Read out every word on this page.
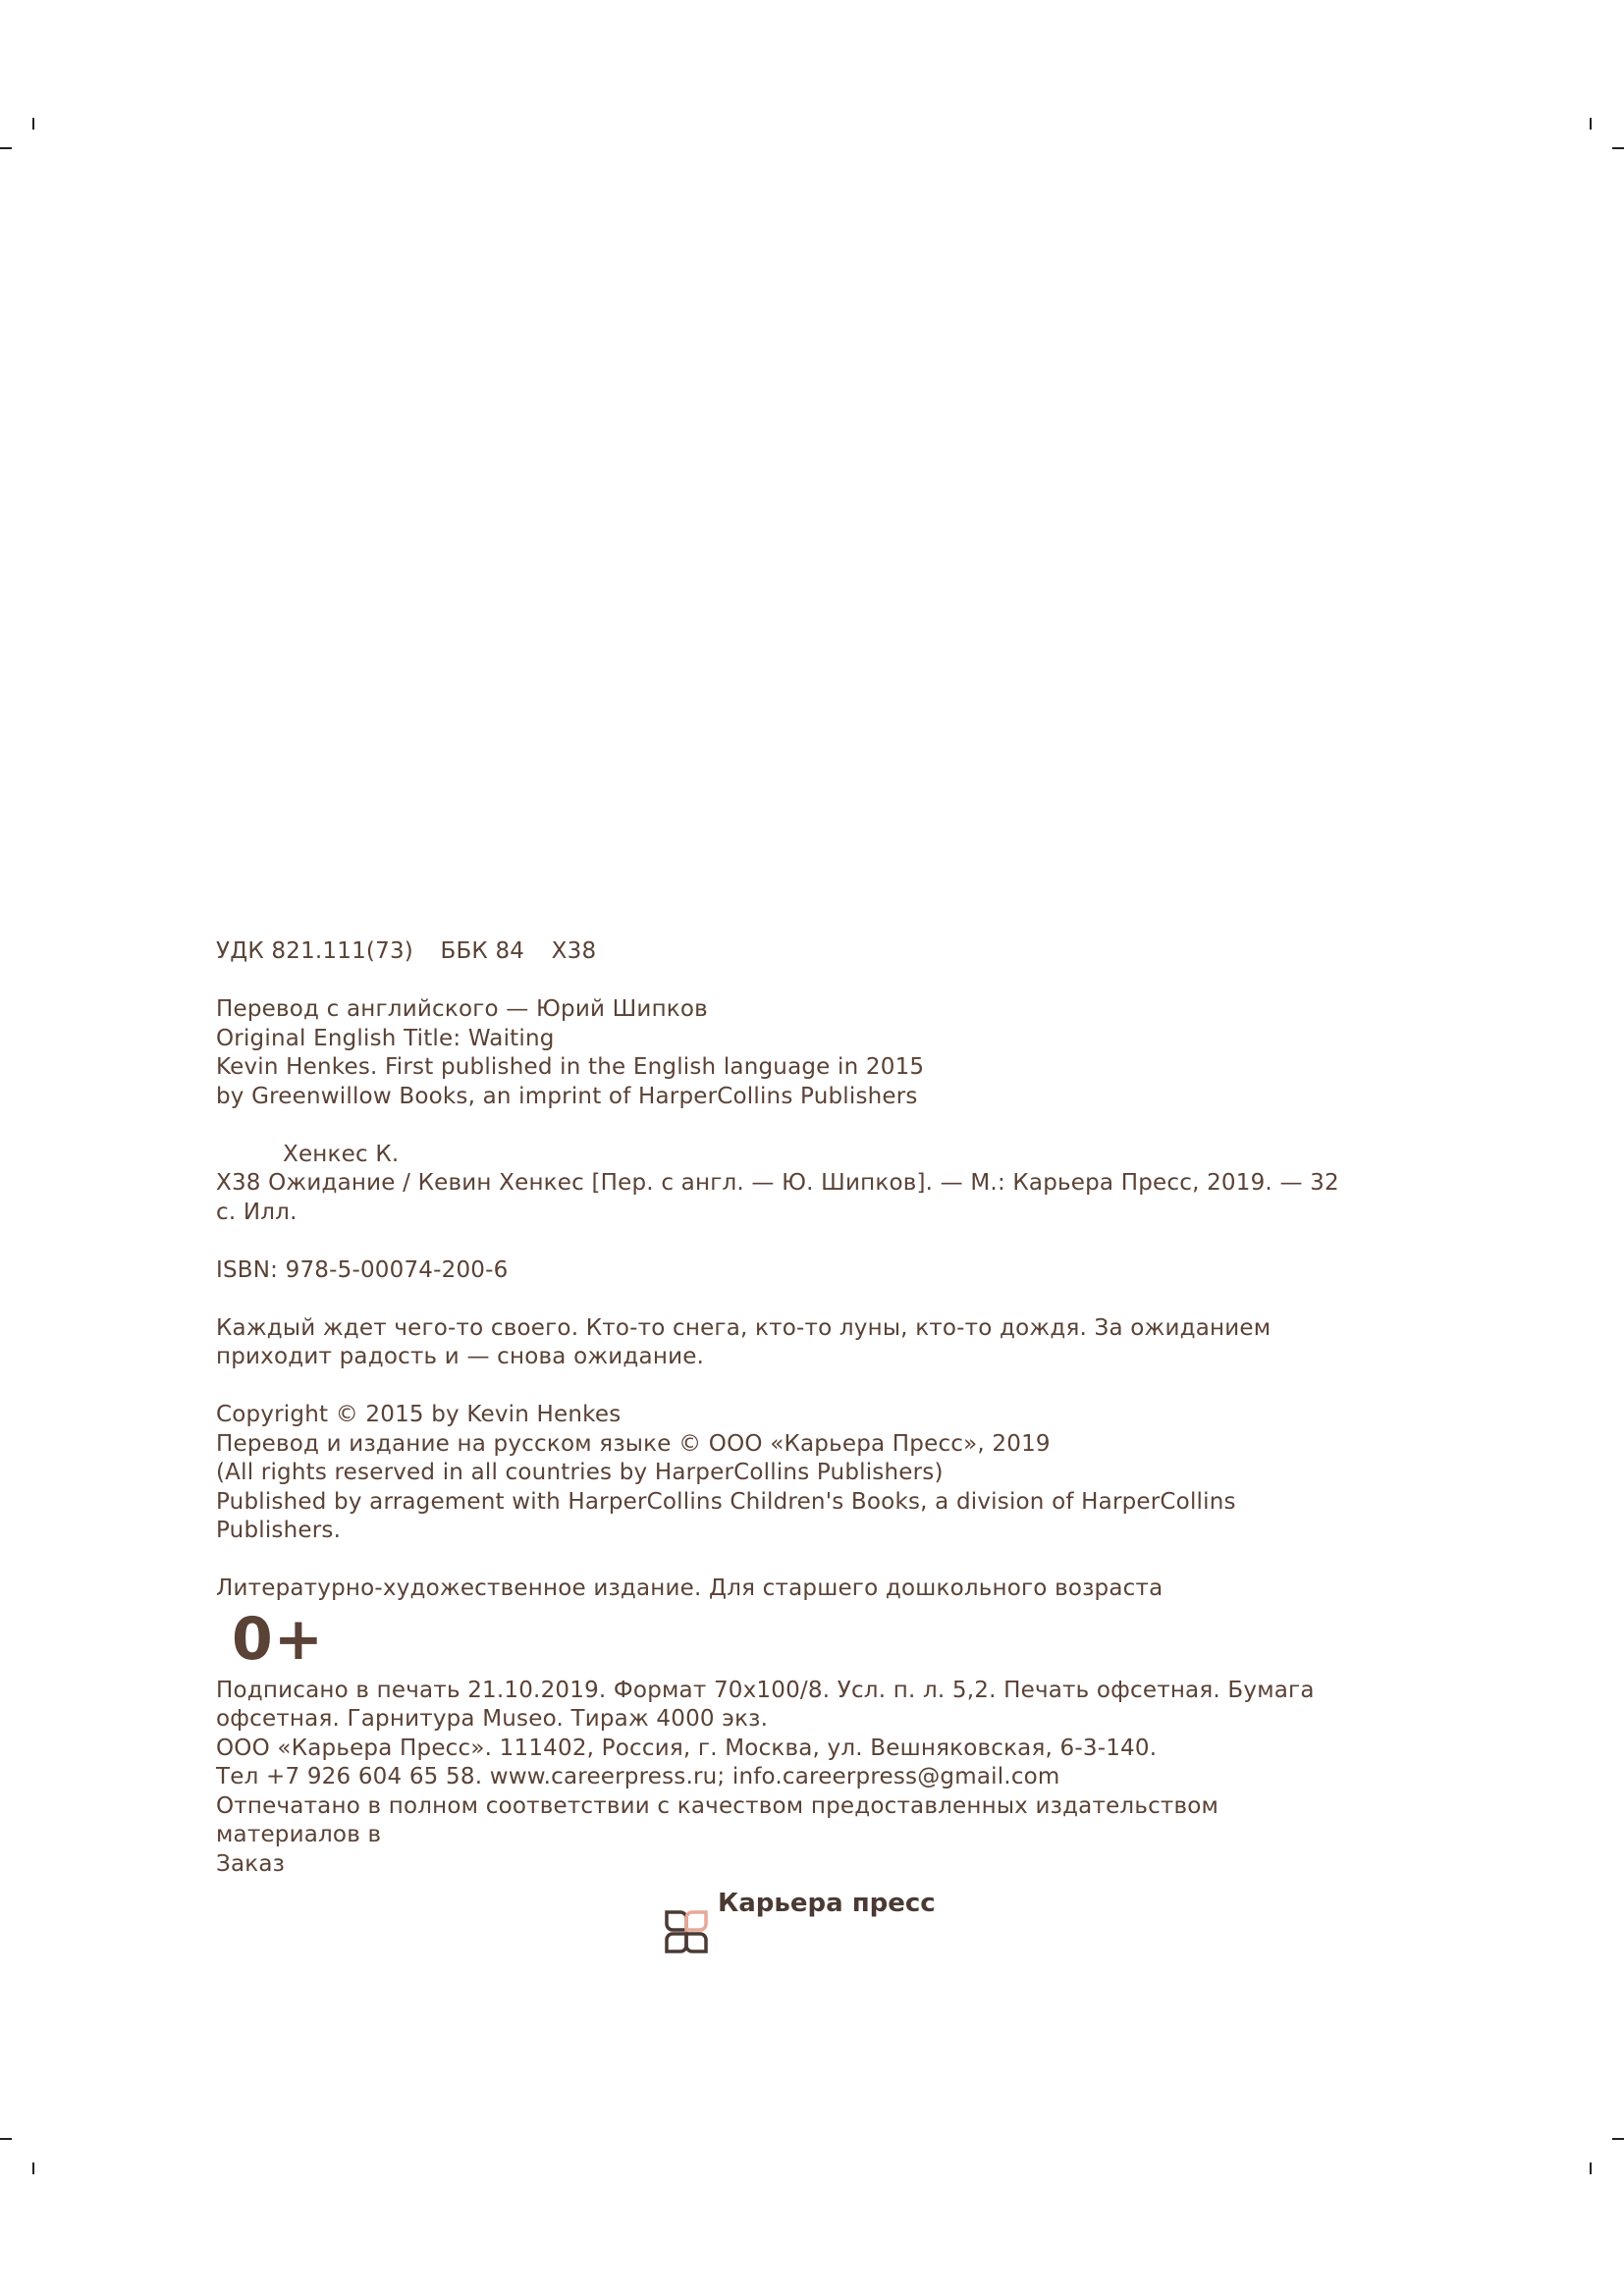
УДК 821.111(73) ББК 84 Х38
Перевод с английского — Юрий Шипков
Original English Title: Waiting
Kevin Henkes. First published in the English language in 2015
by Greenwillow Books, an imprint of HarperCollins Publishers
Хенкес К.
Х38 Ожидание / Кевин Хенкес [Пер. с англ. — Ю. Шипков]. — М.: Карьера Пресс, 2019. — 32
с. Илл.
ISBN: 978-5-00074-200-6
Каждый ждет чего-то своего. Кто-то снега, кто-то луны, кто-то дождя. За ожиданием
приходит радость и — снова ожидание.
Copyright © 2015 by Kevin Henkes
Перевод и издание на русском языке © ООО «Карьера Пресс», 2019
(All rights reserved in all countries by HarperCollins Publishers)
Published by arragement with HarperCollins Children's Books, a division of HarperCollins
Publishers.
Литературно-художественное издание. Для старшего дошкольного возраста
0+
Подписано в печать 21.10.2019. Формат 70х100/8. Усл. п. л. 5,2. Печать офсетная. Бумага
офсетная. Гарнитура Museo. Тираж 4000 экз.
ООО «Карьера Пресс». 111402, Россия, г. Москва, ул. Вешняковская, 6-3-140.
Тел +7 926 604 65 58. www.careerpress.ru; info.careerpress@gmail.com
Отпечатано в полном соответствии с качеством предоставленных издательством
материалов в
Заказ
Карьера пресс
